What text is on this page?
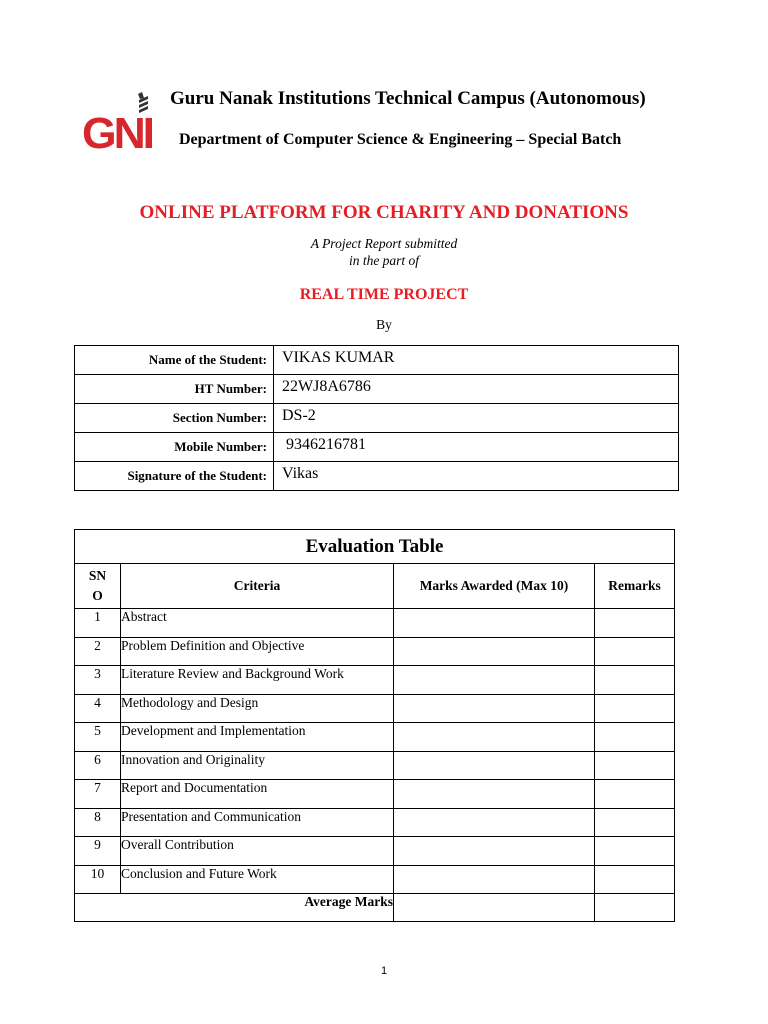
GNI
Guru Nanak Institutions Technical Campus (Autonomous)
Department of Computer Science & Engineering – Special Batch
ONLINE PLATFORM FOR CHARITY AND DONATIONS
A Project Report submitted
in the part of
REAL TIME PROJECT
By
Name of the Student:	VIKAS KUMAR
HT Number:	22WJ8A6786
Section Number:	DS-2
Mobile Number:	9346216781
Signature of the Student:	Vikas
Evaluation Table			

SN
O	Criteria	Marks Awarded (Max 10)	Remarks
1	Abstract		
2	Problem Definition and Objective		
3	Literature Review and Background Work		
4	Methodology and Design		
5	Development and Implementation		
6	Innovation and Originality		
7	Report and Documentation		
8	Presentation and Communication		
9	Overall Contribution		
10	Conclusion and Future Work		
Average Marks			
1
